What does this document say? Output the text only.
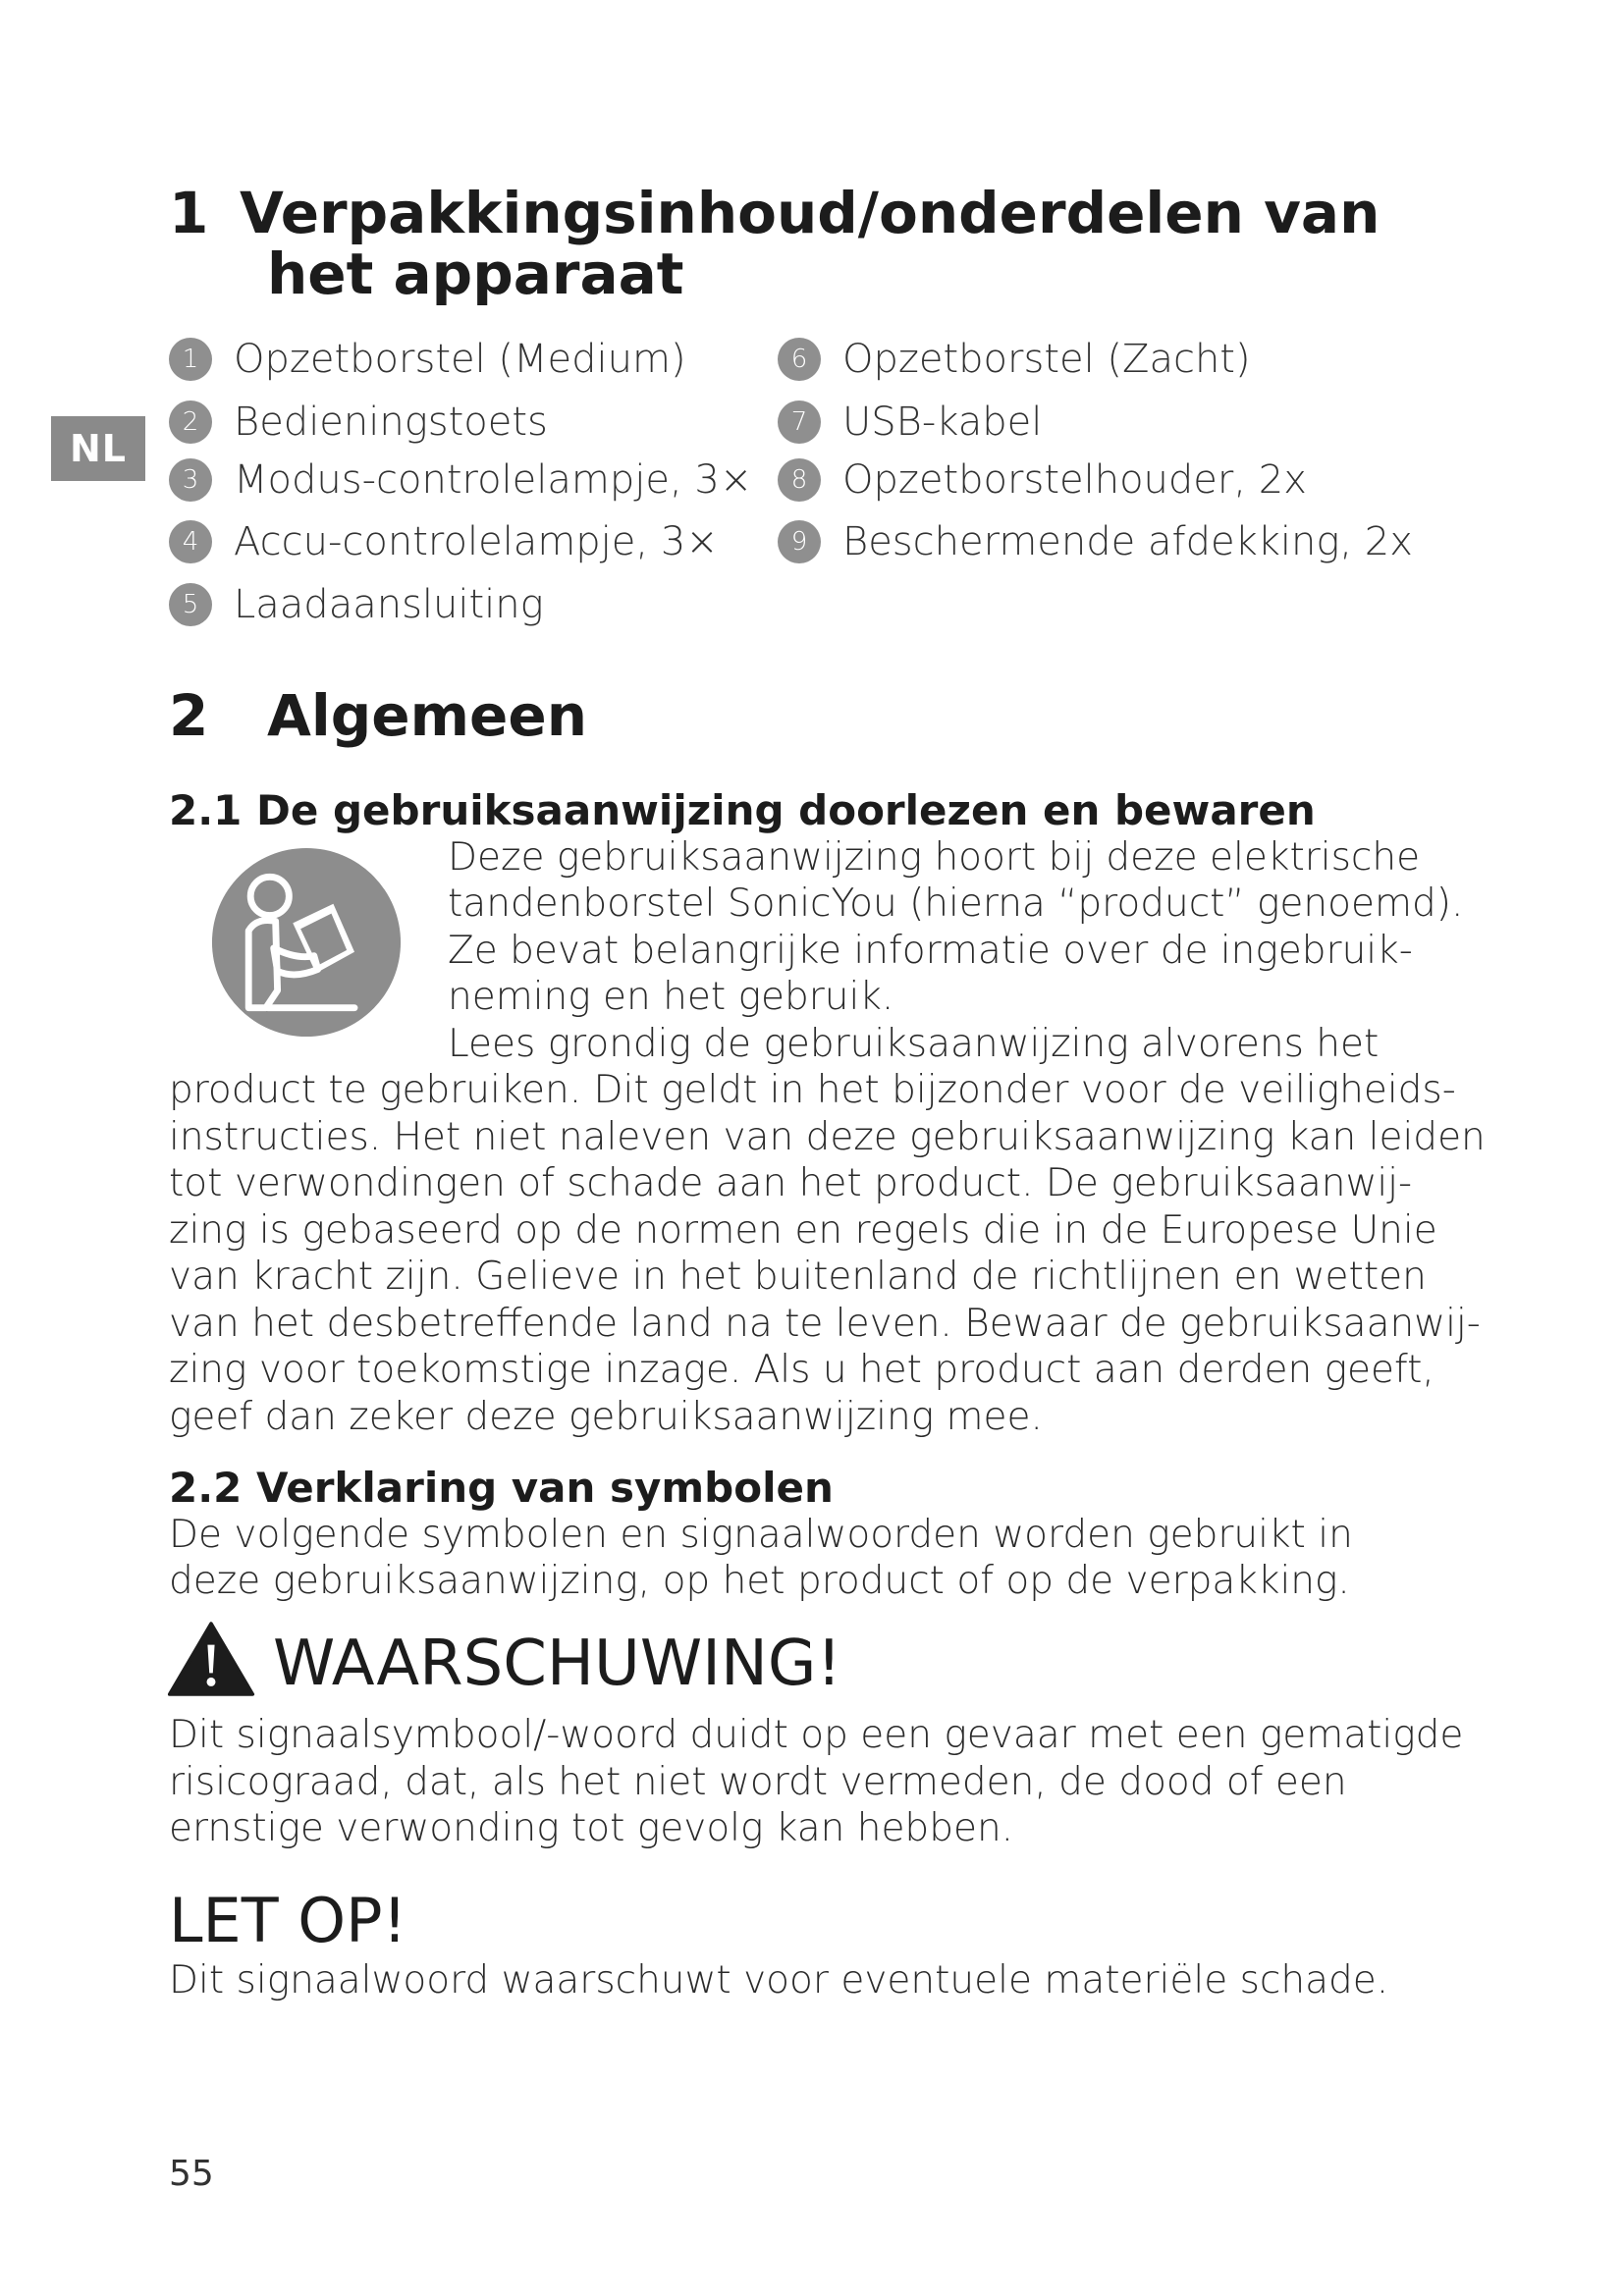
NL
1 Verpakkingsinhoud/onderdelen van
het apparaat
1 Opzetborstel (Medium)
2 Bedieningstoets
3 Modus-controlelampje, 3×
4 Accu-controlelampje, 3×
5 Laadaansluiting
6 Opzetborstel (Zacht)
7 USB-kabel
8 Opzetborstelhouder, 2x
9 Beschermende afdekking, 2x
2 Algemeen
2.1 De gebruiksaanwijzing doorlezen en bewaren
Deze gebruiksaanwijzing hoort bij deze elektrische
tandenborstel SonicYou (hierna “product” genoemd).
Ze bevat belangrijke informatie over de ingebruik-
neming en het gebruik.
Lees grondig de gebruiksaanwijzing alvorens het
product te gebruiken. Dit geldt in het bijzonder voor de veiligheids-
instructies. Het niet naleven van deze gebruiksaanwijzing kan leiden
tot verwondingen of schade aan het product. De gebruiksaanwij-
zing is gebaseerd op de normen en regels die in de Europese Unie
van kracht zijn. Gelieve in het buitenland de richtlijnen en wetten
van het desbetreffende land na te leven. Bewaar de gebruiksaanwij-
zing voor toekomstige inzage. Als u het product aan derden geeft,
geef dan zeker deze gebruiksaanwijzing mee.
2.2 Verklaring van symbolen
De volgende symbolen en signaalwoorden worden gebruikt in
deze gebruiksaanwijzing, op het product of op de verpakking.
WAARSCHUWING!
Dit signaalsymbool/-woord duidt op een gevaar met een gematigde
risicograad, dat, als het niet wordt vermeden, de dood of een
ernstige verwonding tot gevolg kan hebben.
LET OP!
Dit signaalwoord waarschuwt voor eventuele materiële schade.
55
